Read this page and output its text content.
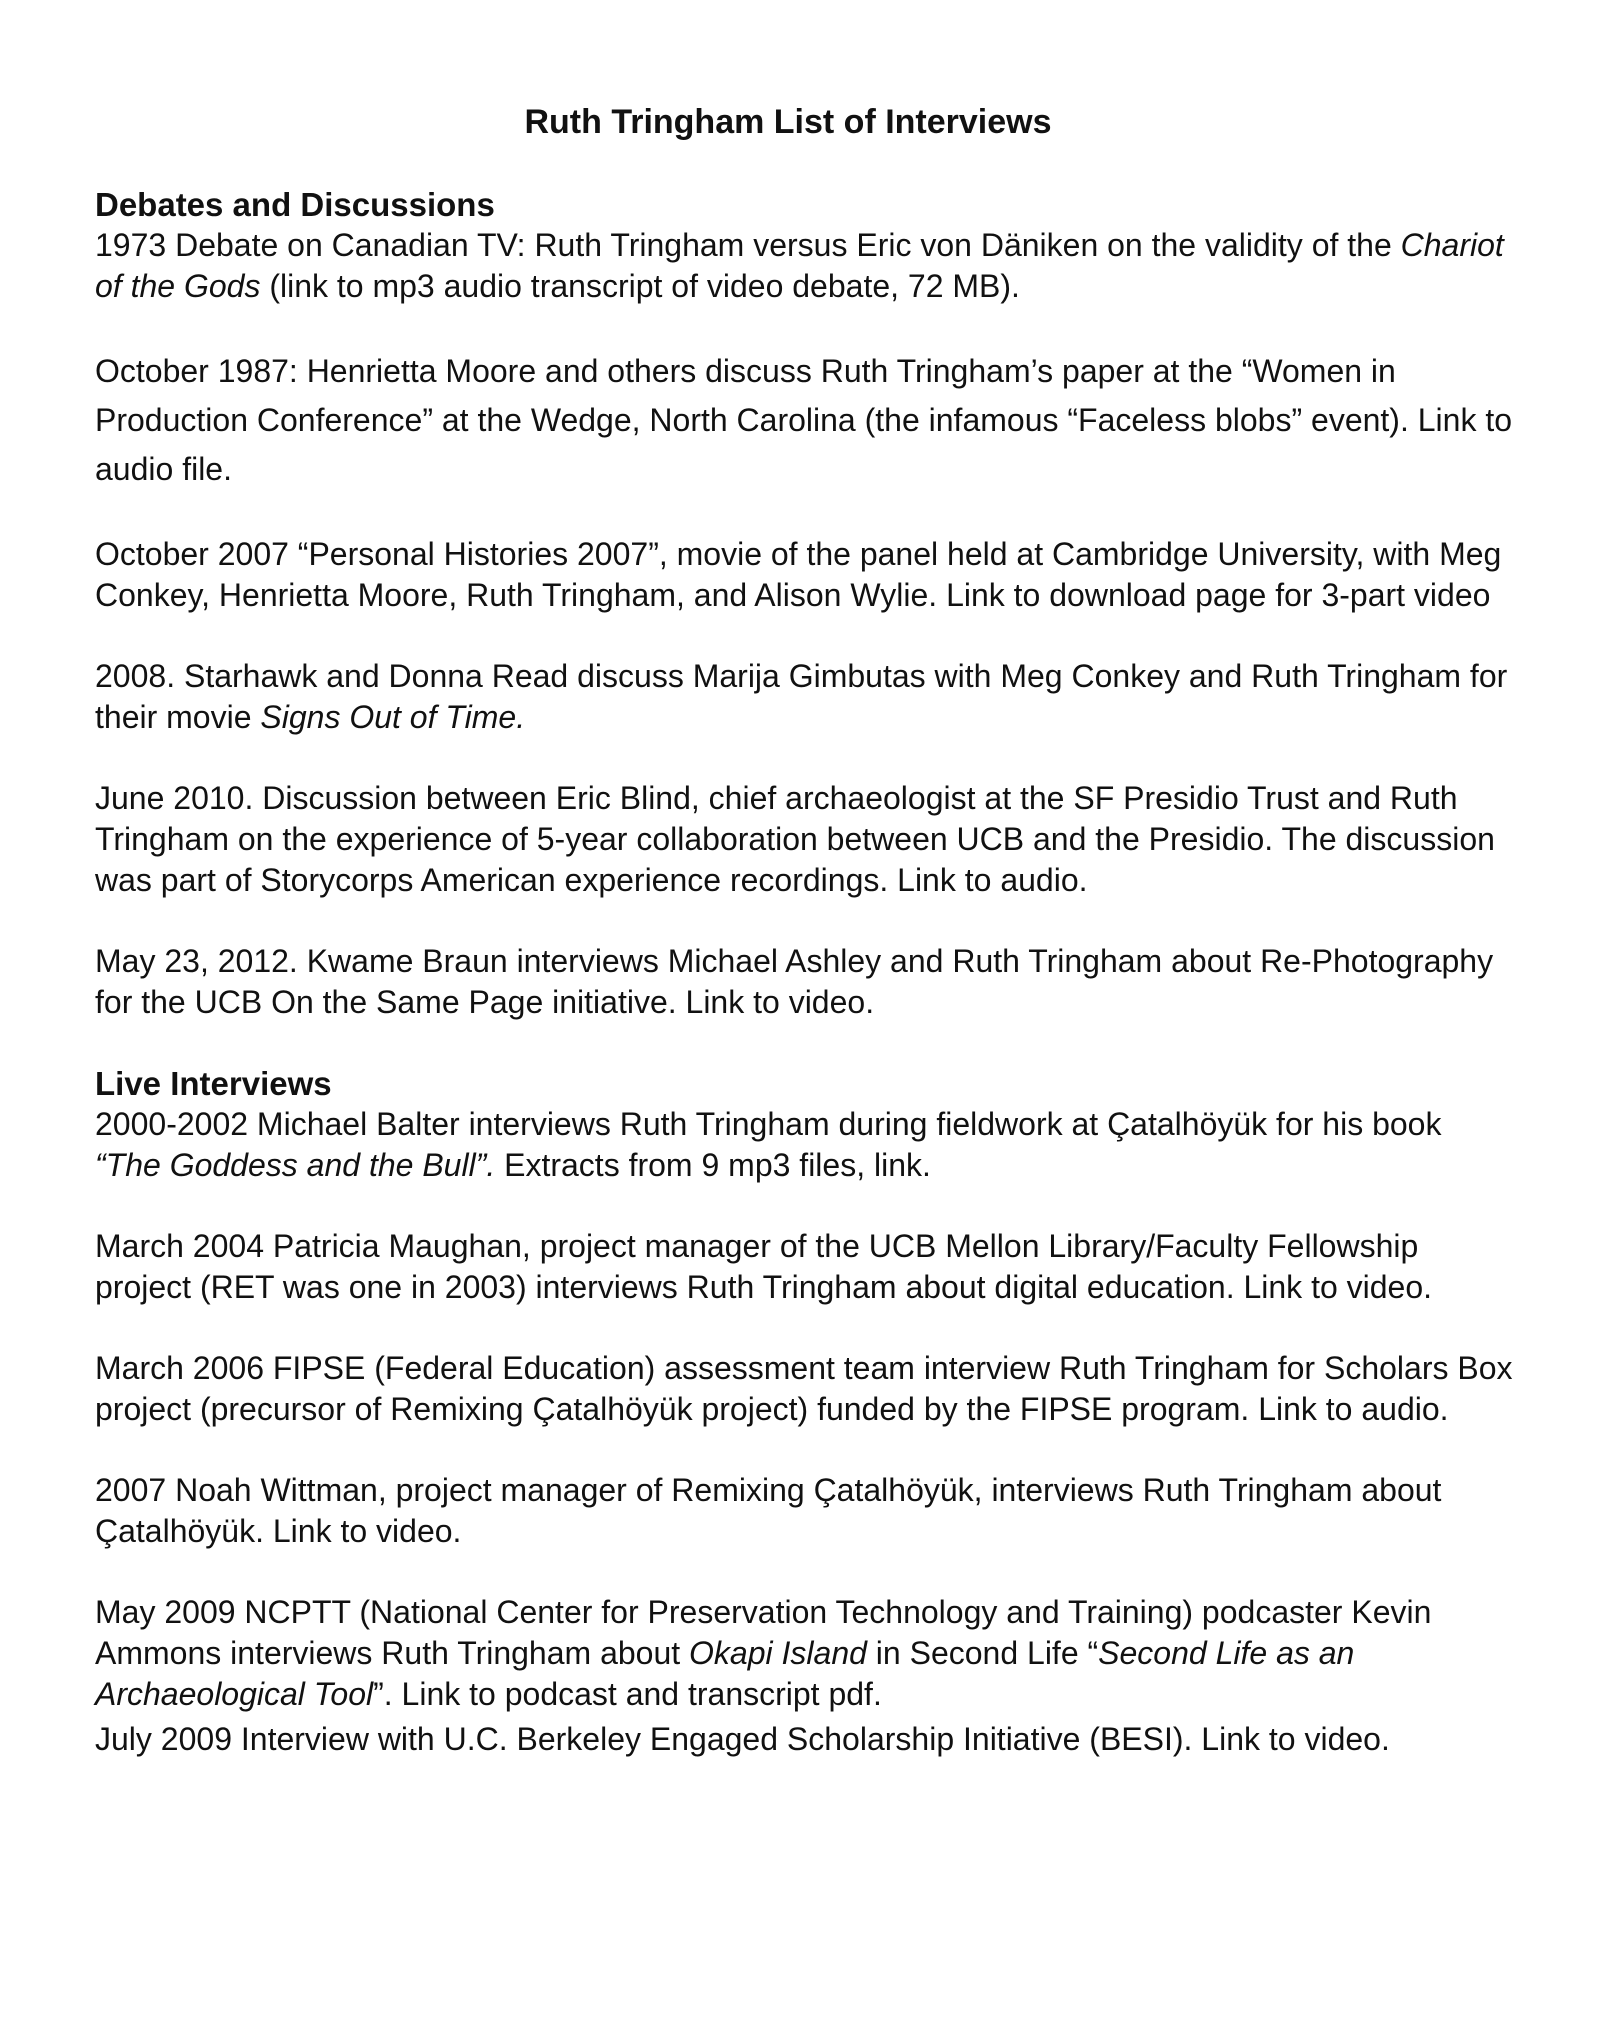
Ruth Tringham List of Interviews
Debates and Discussions

1973 Debate on Canadian TV: Ruth Tringham versus Eric von Däniken on the validity of the Chariot of the Gods (link to mp3 audio transcript of video debate, 72 MB).

October 1987: Henrietta Moore and others discuss Ruth Tringham’s paper at the “Women in Production Conference” at the Wedge, North Carolina (the infamous “Faceless blobs” event). Link to audio file.

October 2007 “Personal Histories 2007”, movie of the panel held at Cambridge University, with Meg Conkey, Henrietta Moore, Ruth Tringham, and Alison Wylie. Link to download page for 3-part video

2008. Starhawk and Donna Read discuss Marija Gimbutas with Meg Conkey and Ruth Tringham for their movie Signs Out of Time.

June 2010. Discussion between Eric Blind, chief archaeologist at the SF Presidio Trust and Ruth Tringham on the experience of 5-year collaboration between UCB and the Presidio. The discussion was part of Storycorps American experience recordings. Link to audio.

May 23, 2012. Kwame Braun interviews Michael Ashley and Ruth Tringham about Re-Photography for the UCB On the Same Page initiative. Link to video.

Live Interviews

2000-2002 Michael Balter interviews Ruth Tringham during fieldwork at Çatalhöyük for his book “The Goddess and the Bull”. Extracts from 9 mp3 files, link.

March 2004 Patricia Maughan, project manager of the UCB Mellon Library/Faculty Fellowship project (RET was one in 2003) interviews Ruth Tringham about digital education. Link to video.

March 2006 FIPSE (Federal Education) assessment team interview Ruth Tringham for Scholars Box project (precursor of Remixing Çatalhöyük project) funded by the FIPSE program. Link to audio.

2007 Noah Wittman, project manager of Remixing Çatalhöyük, interviews Ruth Tringham about Çatalhöyük. Link to video.

May 2009 NCPTT (National Center for Preservation Technology and Training) podcaster Kevin Ammons interviews Ruth Tringham about Okapi Island in Second Life “Second Life as an Archaeological Tool”. Link to podcast and transcript pdf.

July 2009 Interview with U.C. Berkeley Engaged Scholarship Initiative (BESI). Link to video.
